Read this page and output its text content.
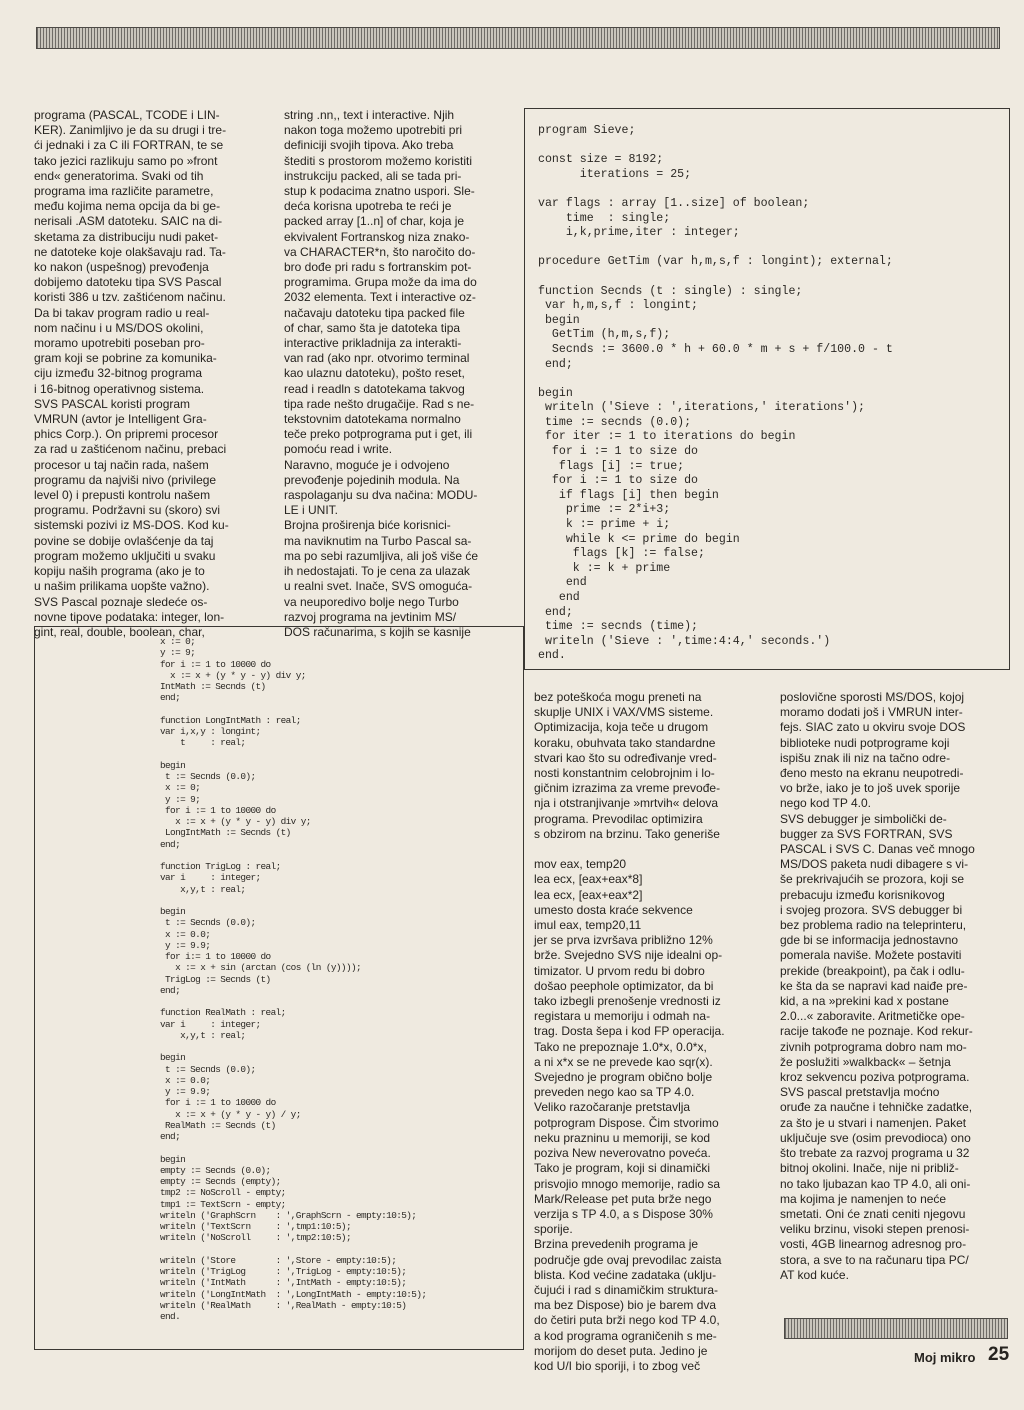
programa (PASCAL, TCODE i LIN-
KER). Zanimljivo je da su drugi i tre-
ći jednaki i za C ili FORTRAN, te se
tako jezici razlikuju samo po »front
end« generatorima. Svaki od tih
programa ima različite parametre,
među kojima nema opcija da bi ge-
nerisali .ASM datoteku. SAIC na di-
sketama za distribuciju nudi paket-
ne datoteke koje olakšavaju rad. Ta-
ko nakon (uspešnog) prevođenja
dobijemo datoteku tipa SVS Pascal
koristi 386 u tzv. zaštićenom načinu.
Da bi takav program radio u real-
nom načinu i u MS/DOS okolini,
moramo upotrebiti poseban pro-
gram koji se pobrine za komunika-
ciju između 32-bitnog programa
i 16-bitnog operativnog sistema.
SVS PASCAL koristi program
VMRUN (avtor je Intelligent Gra-
phics Corp.). On pripremi procesor
za rad u zaštićenom načinu, prebaci
procesor u taj način rada, našem
programu da najviši nivo (privilege
level 0) i prepusti kontrolu našem
programu. Podržavni su (skoro) svi
sistemski pozivi iz MS-DOS. Kod ku-
povine se dobije ovlašćenje da taj
program možemo uključiti u svaku
kopiju naših programa (ako je to
u našim prilikama uopšte važno).
SVS Pascal poznaje sledeće os-
novne tipove podataka: integer, lon-
gint, real, double, boolean, char,

string .nn,, text i interactive. Njih
nakon toga možemo upotrebiti pri
definiciji svojih tipova. Ako treba
štediti s prostorom možemo koristiti
instrukciju packed, ali se tada pri-
stup k podacima znatno uspori. Sle-
deća korisna upotreba te reći je
packed array [1..n] of char, koja je
ekvivalent Fortranskog niza znako-
va CHARACTER*n, što naročito do-
bro dođe pri radu s fortranskim pot-
programima. Grupa može da ima do
2032 elementa. Text i interactive oz-
načavaju datoteku tipa packed file
of char, samo šta je datoteka tipa
interactive prikladnija za interakti-
van rad (ako npr. otvorimo terminal
kao ulaznu datoteku), pošto reset,
read i readln s datotekama takvog
tipa rade nešto drugačije. Rad s ne-
tekstovnim datotekama normalno
teče preko potprograma put i get, ili
pomoću read i write.
Naravno, moguće je i odvojeno
prevođenje pojedinih modula. Na
raspolaganju su dva načina: MODU-
LE i UNIT.
Brojna proširenja biće korisnici-
ma naviknutim na Turbo Pascal sa-
ma po sebi razumljiva, ali još više će
ih nedostajati. To je cena za ulazak
u realni svet. Inače, SVS omoguća-
va neuporedivo bolje nego Turbo
razvoj programa na jevtinim MS/
DOS računarima, s kojih se kasnije

bez poteškoća mogu preneti na
skuplje UNIX i VAX/VMS sisteme.
Optimizacija, koja teče u drugom
koraku, obuhvata tako standardne
stvari kao što su određivanje vred-
nosti konstantnim celobrojnim i lo-
gičnim izrazima za vreme prevođe-
nja i otstranjivanje »mrtvih« delova
programa. Prevodilac optimizira
s obzirom na brzinu. Tako generiše

mov eax, temp20
lea ecx, [eax+eax*8]
lea ecx, [eax+eax*2]
umesto dosta kraće sekvence
imul eax, temp20,11
jer se prva izvršava približno 12%
brže. Svejedno SVS nije idealni op-
timizator. U prvom redu bi dobro
došao peephole optimizator, da bi
tako izbegli prenošenje vrednosti iz
registara u memoriju i odmah na-
trag. Dosta šepa i kod FP operacija.
Tako ne prepoznaje 1.0*x, 0.0*x,
a ni x*x se ne prevede kao sqr(x).
Svejedno je program obično bolje
preveden nego kao sa TP 4.0.
Veliko razočaranje pretstavlja
potprogram Dispose. Čim stvorimo
neku prazninu u memoriji, se kod
poziva New neverovatno poveća.
Tako je program, koji si dinamički
prisvojio mnogo memorije, radio sa
Mark/Release pet puta brže nego
verzija s TP 4.0, a s Dispose 30%
sporije.
Brzina prevedenih programa je
područje gde ovaj prevodilac zaista
blista. Kod većine zadataka (uklju-
čujući i rad s dinamičkim struktura-
ma bez Dispose) bio je barem dva
do četiri puta brži nego kod TP 4.0,
a kod programa ograničenih s me-
morijom do deset puta. Jedino je
kod U/I bio sporiji, i to zbog več

poslovične sporosti MS/DOS, kojoj
moramo dodati još i VMRUN inter-
fejs. SIAC zato u okviru svoje DOS
biblioteke nudi potprograme koji
ispišu znak ili niz na tačno odre-
đeno mesto na ekranu neupotredi-
vo brže, iako je to još uvek sporije
nego kod TP 4.0.
SVS debugger je simbolički de-
bugger za SVS FORTRAN, SVS
PASCAL i SVS C. Danas več mnogo
MS/DOS paketa nudi dibagere s vi-
še prekrivajućih se prozora, koji se
prebacuju između korisnikovog
i svojeg prozora. SVS debugger bi
bez problema radio na teleprinteru,
gde bi se informacija jednostavno
pomerala naviše. Možete postaviti
prekide (breakpoint), pa čak i odlu-
ke šta da se napravi kad naiđe pre-
kid, a na »prekini kad x postane
2.0...« zaboravite. Aritmetičke ope-
racije takođe ne poznaje. Kod rekur-
zivnih potprograma dobro nam mo-
že poslužiti »walkback« – šetnja
kroz sekvencu poziva potprograma.
SVS pascal pretstavlja moćno
oruđe za naučne i tehničke zadatke,
za što je u stvari i namenjen. Paket
uključuje sve (osim prevodioca) ono
što trebate za razvoj programa u 32
bitnoj okolini. Inače, nije ni približ-
no tako ljubazan kao TP 4.0, ali oni-
ma kojima je namenjen to neće
smetati. Oni će znati ceniti njegovu
veliku brzinu, visoki stepen prenosi-
vosti, 4GB linearnog adresnog pro-
stora, a sve to na računaru tipa PC/
AT kod kuće.

program Sieve;

const size = 8192;
iterations = 25;

var flags : array [1..size] of boolean;
time  : single;
i,k,prime,iter : integer;

procedure GetTim (var h,m,s,f : longint); external;

function Secnds (t : single) : single;
var h,m,s,f : longint;
begin
GetTim (h,m,s,f);
Secnds := 3600.0 * h + 60.0 * m + s + f/100.0 - t
end;

begin
writeln ('Sieve : ',iterations,' iterations');
time := secnds (0.0);
for iter := 1 to iterations do begin
for i := 1 to size do
flags [i] := true;
for i := 1 to size do
if flags [i] then begin
prime := 2*i+3;
k := prime + i;
while k <= prime do begin
flags [k] := false;
k := k + prime
end
end
end;
time := secnds (time);
writeln ('Sieve : ',time:4:4,' seconds.')
end.
x := 0;
y := 9;
for i := 1 to 10000 do
x := x + (y * y - y) div y;
IntMath := Secnds (t)
end;

function LongIntMath : real;
var i,x,y : longint;
t     : real;

begin
t := Secnds (0.0);
x := 0;
y := 9;
for i := 1 to 10000 do
x := x + (y * y - y) div y;
LongIntMath := Secnds (t)
end;

function TrigLog : real;
var i     : integer;
x,y,t : real;

begin
t := Secnds (0.0);
x := 0.0;
y := 9.9;
for i:= 1 to 10000 do
x := x + sin (arctan (cos (ln (y))));
TrigLog := Secnds (t)
end;

function RealMath : real;
var i     : integer;
x,y,t : real;

begin
t := Secnds (0.0);
x := 0.0;
y := 9.9;
for i := 1 to 10000 do
x := x + (y * y - y) / y;
RealMath := Secnds (t)
end;

begin
empty := Secnds (0.0);
empty := Secnds (empty);
tmp2 := NoScroll - empty;
tmp1 := TextScrn - empty;
writeln ('GraphScrn    : ',GraphScrn - empty:10:5);
writeln ('TextScrn     : ',tmp1:10:5);
writeln ('NoScroll     : ',tmp2:10:5);

writeln ('Store        : ',Store - empty:10:5);
writeln ('TrigLog      : ',TrigLog - empty:10:5);
writeln ('IntMath      : ',IntMath - empty:10:5);
writeln ('LongIntMath  : ',LongIntMath - empty:10:5);
writeln ('RealMath     : ',RealMath - empty:10:5)
end.
Moj mikro 25
